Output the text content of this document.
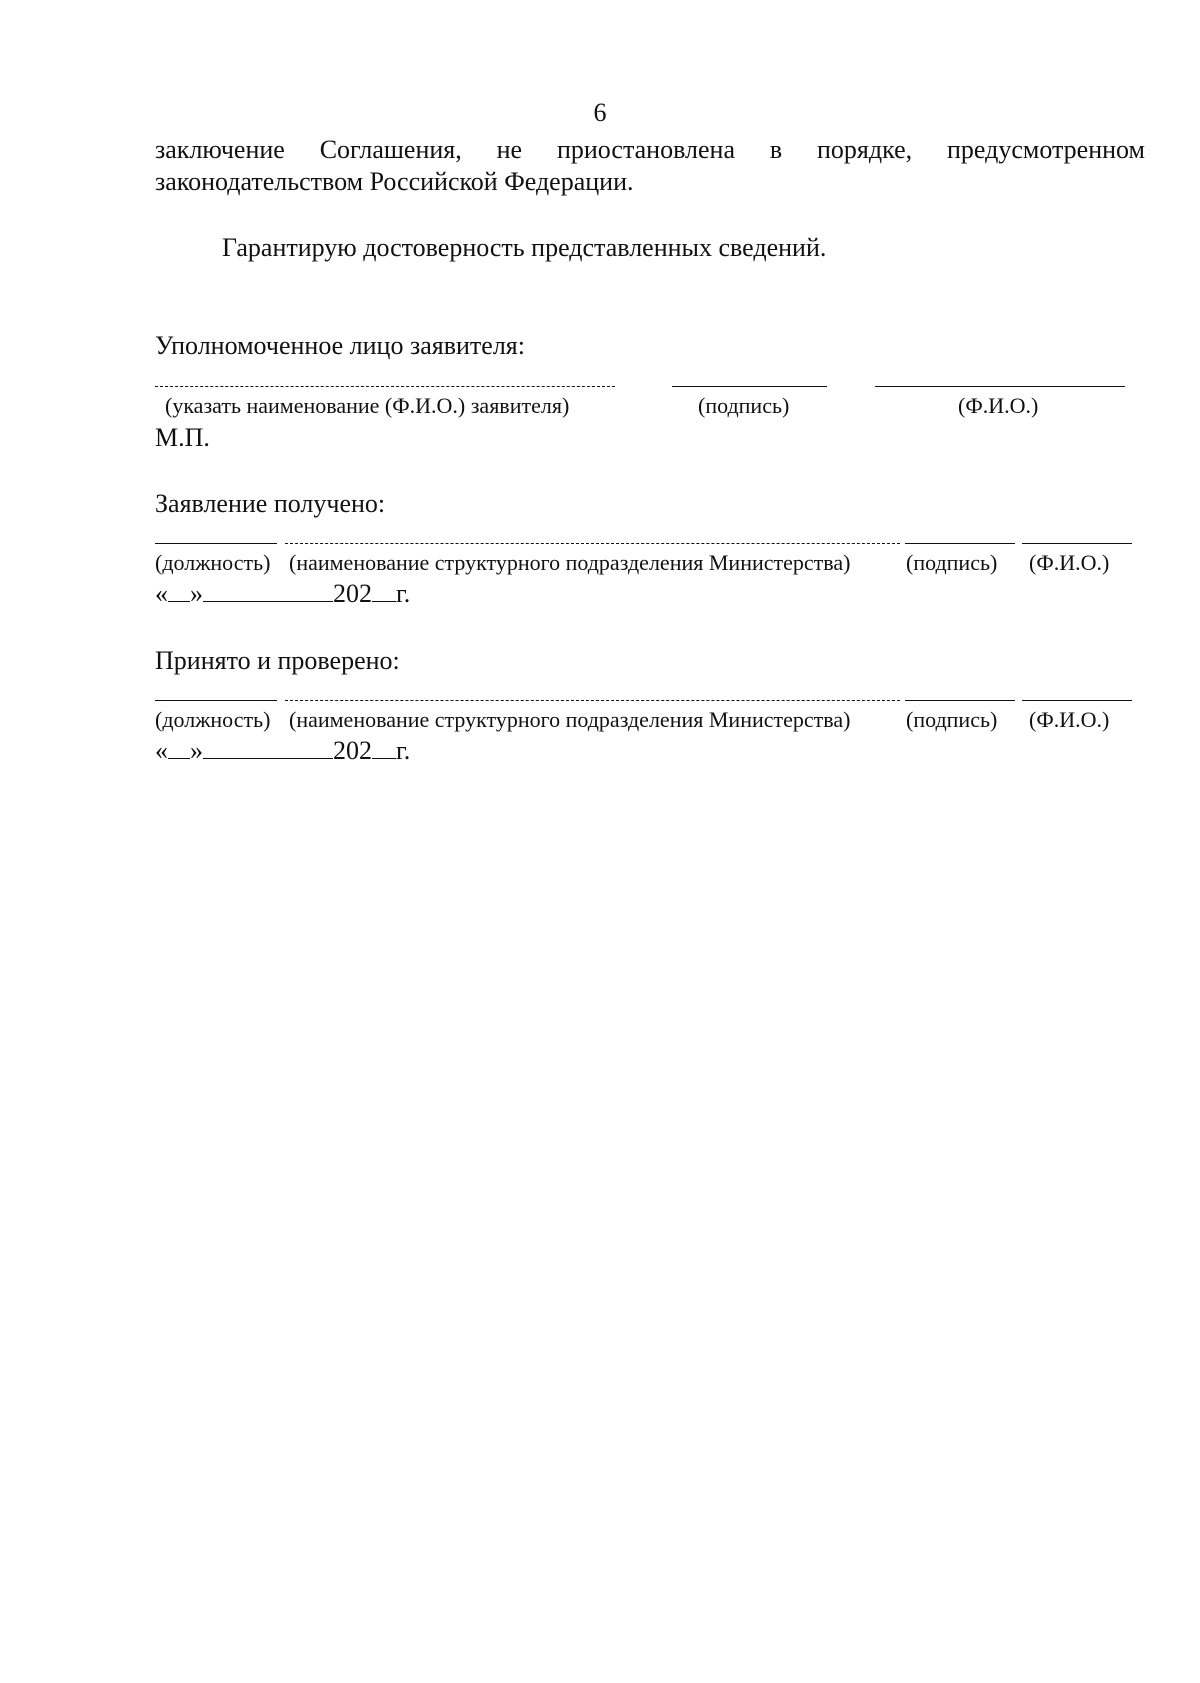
6
заключение Соглашения, не приостановлена в порядке, предусмотренном
законодательством Российской Федерации.
Гарантирую достоверность представленных сведений.
Уполномоченное лицо заявителя:
(указать наименование (Ф.И.О.) заявителя)	(подпись)	(Ф.И.О.)
М.П.
Заявление получено:
(должность) (наименование структурного подразделения Министерства)	(подпись) (Ф.И.О.)
« »	202 г.
Принято и проверено:
(должность) (наименование структурного подразделения Министерства)	(подпись) (Ф.И.О.)
« »	202 г.
